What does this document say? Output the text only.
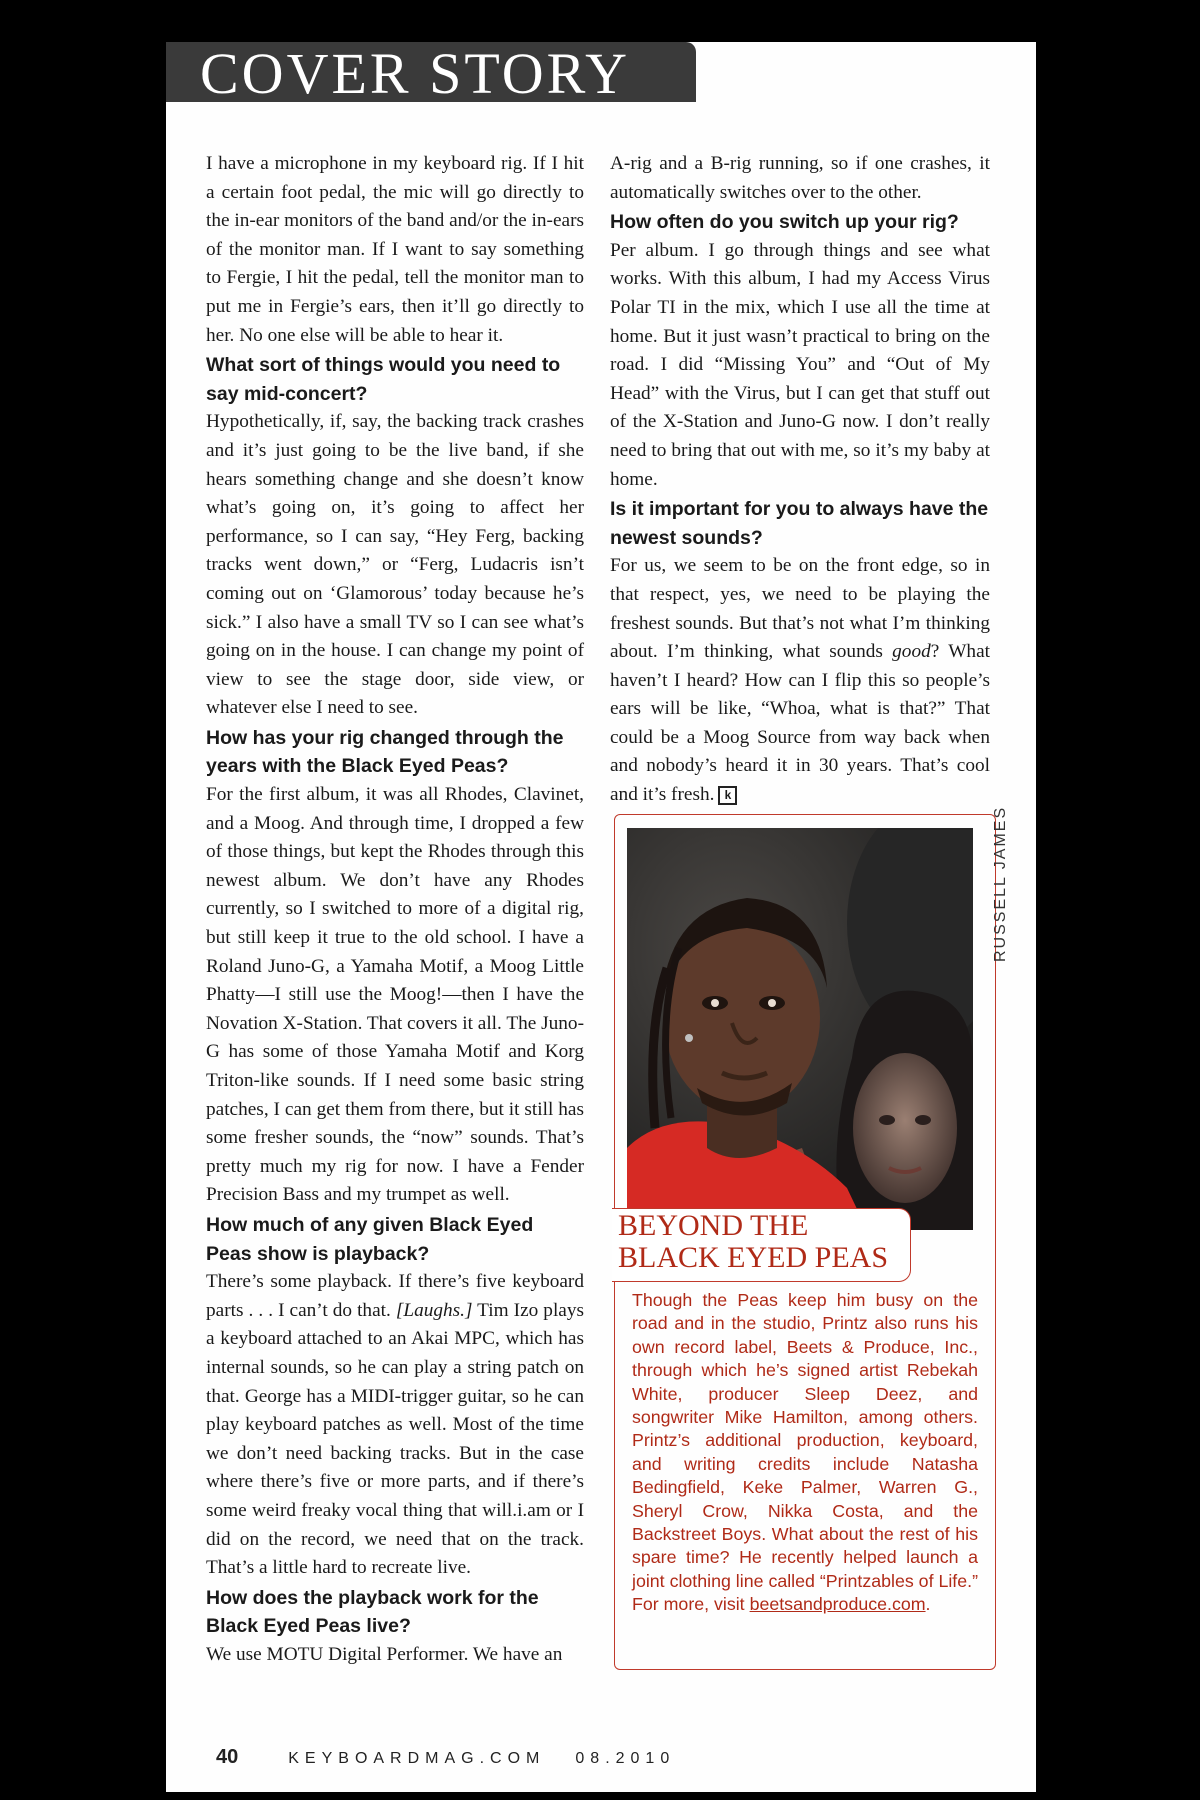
COVER STORY

I have a microphone in my keyboard rig. If I hit a certain foot pedal, the mic will go directly to the in-ear monitors of the band and/or the in-ears of the monitor man. If I want to say something to Fergie, I hit the pedal, tell the monitor man to put me in Fergie’s ears, then it’ll go directly to her. No one else will be able to hear it.

What sort of things would you need to say mid-concert?

Hypothetically, if, say, the backing track crashes and it’s just going to be the live band, if she hears something change and she doesn’t know what’s going on, it’s going to affect her performance, so I can say, “Hey Ferg, backing tracks went down,” or “Ferg, Ludacris isn’t coming out on ‘Glamorous’ today because he’s sick.” I also have a small TV so I can see what’s going on in the house. I can change my point of view to see the stage door, side view, or whatever else I need to see.

How has your rig changed through the years with the Black Eyed Peas?

For the first album, it was all Rhodes, Clavinet, and a Moog. And through time, I dropped a few of those things, but kept the Rhodes through this newest album. We don’t have any Rhodes currently, so I switched to more of a digital rig, but still keep it true to the old school. I have a Roland Juno-G, a Yamaha Motif, a Moog Little Phatty—I still use the Moog!—then I have the Novation X-Station. That covers it all. The Juno-G has some of those Yamaha Motif and Korg Triton-like sounds. If I need some basic string patches, I can get them from there, but it still has some fresher sounds, the “now” sounds. That’s pretty much my rig for now. I have a Fender Precision Bass and my trumpet as well.

How much of any given Black Eyed Peas show is playback?

There’s some playback. If there’s five keyboard parts . . . I can’t do that. [Laughs.] Tim Izo plays a keyboard attached to an Akai MPC, which has internal sounds, so he can play a string patch on that. George has a MIDI-trigger guitar, so he can play keyboard patches as well. Most of the time we don’t need backing tracks. But in the case where there’s five or more parts, and if there’s some weird freaky vocal thing that will.i.am or I did on the record, we need that on the track. That’s a little hard to recreate live.

How does the playback work for the Black Eyed Peas live?

We use MOTU Digital Performer. We have an

A-rig and a B-rig running, so if one crashes, it automatically switches over to the other.

How often do you switch up your rig?

Per album. I go through things and see what works. With this album, I had my Access Virus Polar TI in the mix, which I use all the time at home. But it just wasn’t practical to bring on the road. I did “Missing You” and “Out of My Head” with the Virus, but I can get that stuff out of the X-Station and Juno-G now. I don’t really need to bring that out with me, so it’s my baby at home.

Is it important for you to always have the newest sounds?

For us, we seem to be on the front edge, so in that respect, yes, we need to be playing the freshest sounds. But that’s not what I’m thinking about. I’m thinking, what sounds good? What haven’t I heard? How can I flip this so people’s ears will be like, “Whoa, what is that?” That could be a Moog Source from way back when and nobody’s heard it in 30 years. That’s cool and it’s fresh. k

RUSSELL JAMES
BEYOND THE
BLACK EYED PEAS
Though the Peas keep him busy on the road and in the studio, Printz also runs his own record label, Beets & Produce, Inc., through which he’s signed artist Rebekah White, producer Sleep Deez, and songwriter Mike Hamilton, among others. Printz’s additional production, keyboard, and writing credits include Natasha Bedingfield, Keke Palmer, Warren G., Sheryl Crow, Nikka Costa, and the Backstreet Boys. What about the rest of his spare time? He recently helped launch a joint clothing line called “Printzables of Life.” For more, visit beetsandproduce.com.
40	KEYBOARDMAG.COM 08.2010
